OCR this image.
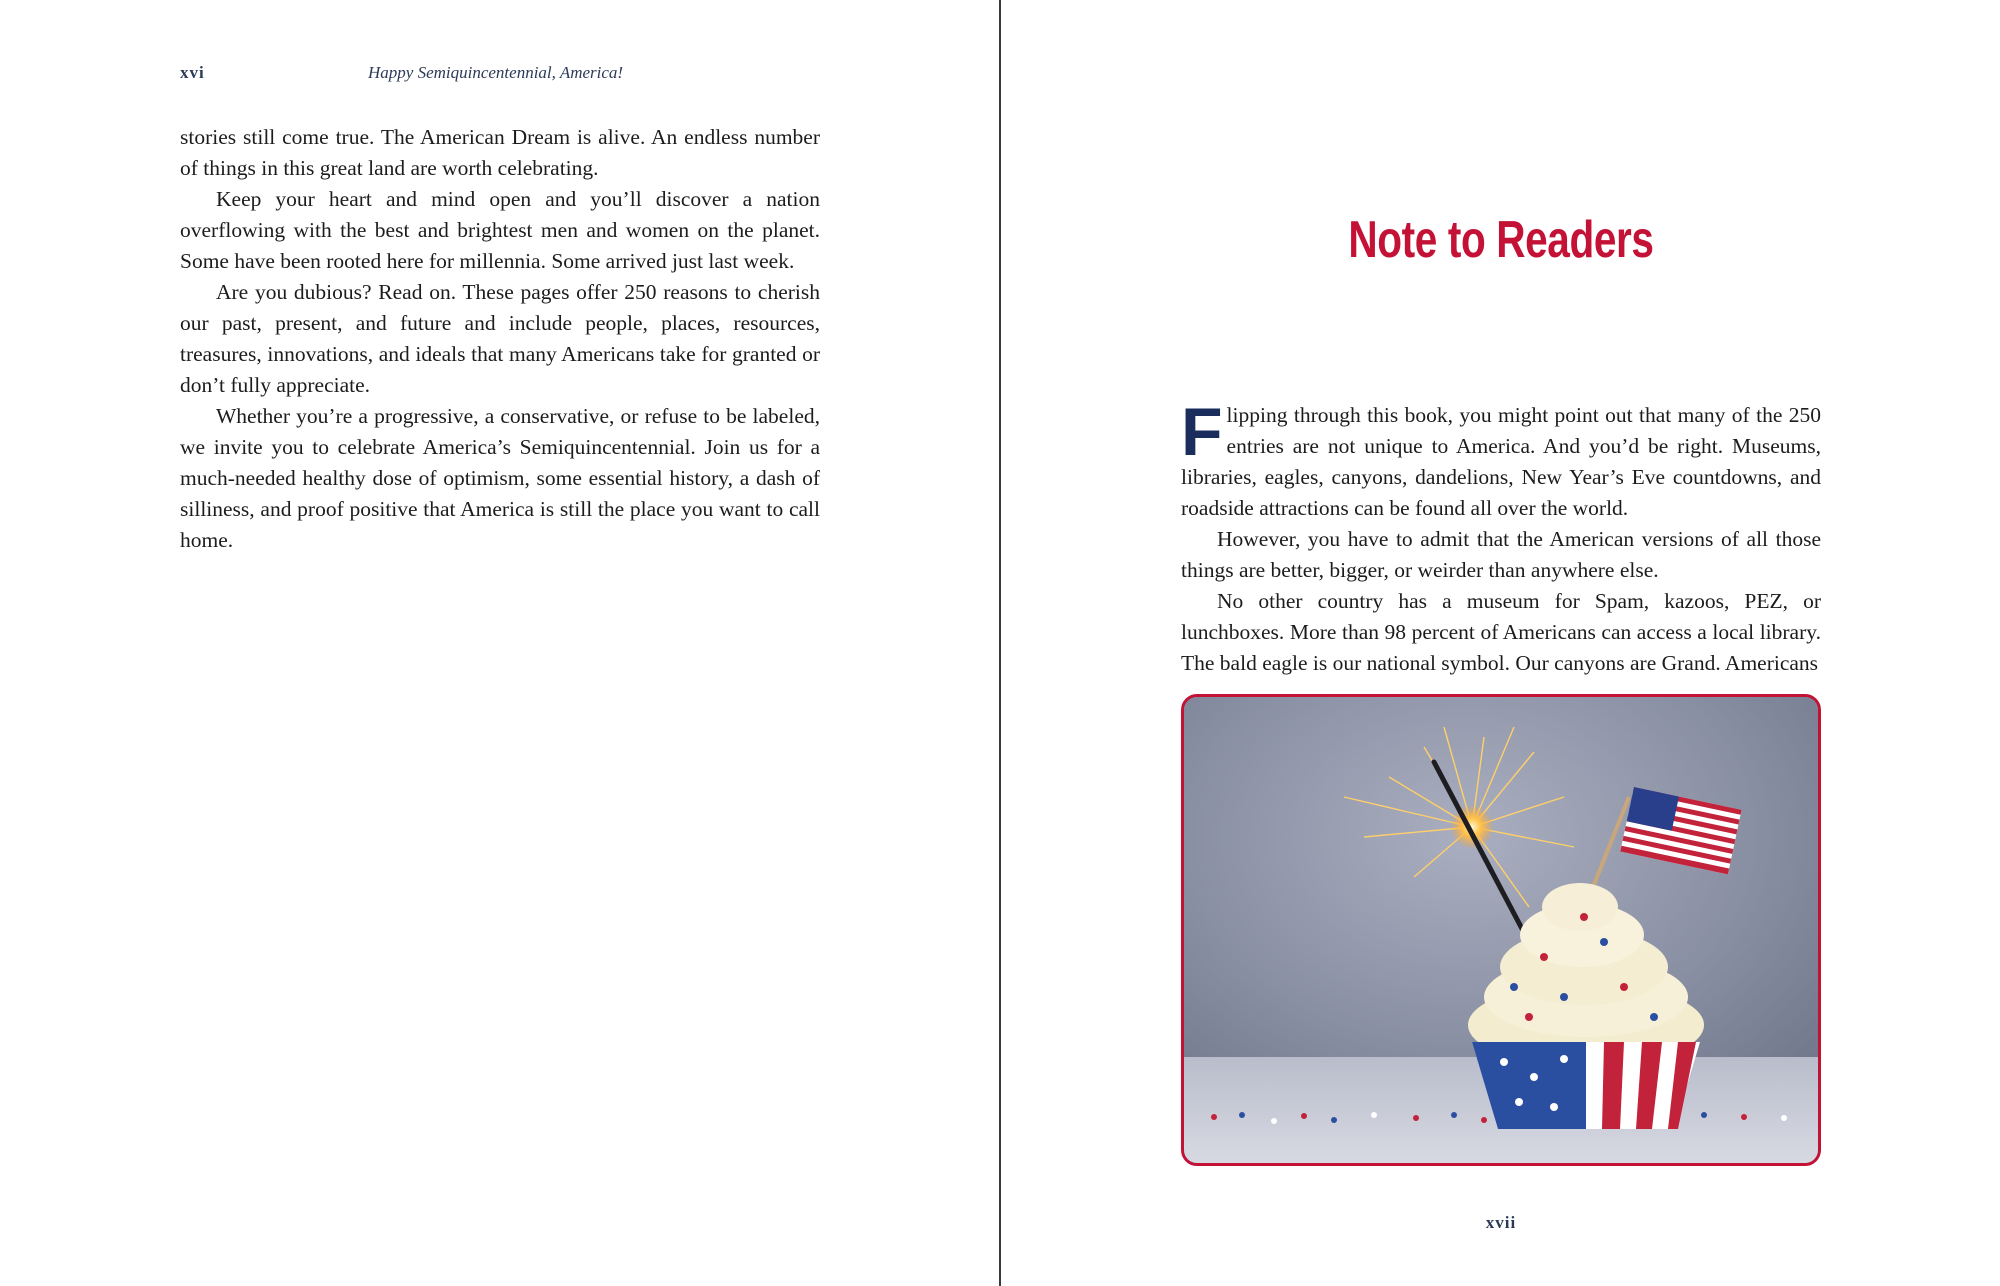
xvi	Happy Semiquincentennial, America!

stories still come true. The American Dream is alive. An endless number of things in this great land are worth celebrating.

Keep your heart and mind open and you’ll discover a nation overflowing with the best and brightest men and women on the planet. Some have been rooted here for millennia. Some arrived just last week.

Are you dubious? Read on. These pages offer 250 reasons to cherish our past, present, and future and include people, places, resources, treasures, innovations, and ideals that many Americans take for granted or don’t fully appreciate.

Whether you’re a progressive, a conservative, or refuse to be labeled, we invite you to celebrate America’s Semiquincentennial. Join us for a much-needed healthy dose of optimism, some essential history, a dash of silliness, and proof positive that America is still the place you want to call home.

Note to Readers

Flipping through this book, you might point out that many of the 250 entries are not unique to America. And you’d be right. Museums, libraries, eagles, canyons, dandelions, New Year’s Eve countdowns, and roadside attractions can be found all over the world.

However, you have to admit that the American versions of all those things are better, bigger, or weirder than anywhere else.

No other country has a museum for Spam, kazoos, PEZ, or lunchboxes. More than 98 percent of Americans can access a local library. The bald eagle is our national symbol. Our canyons are Grand. Americans

xvii
